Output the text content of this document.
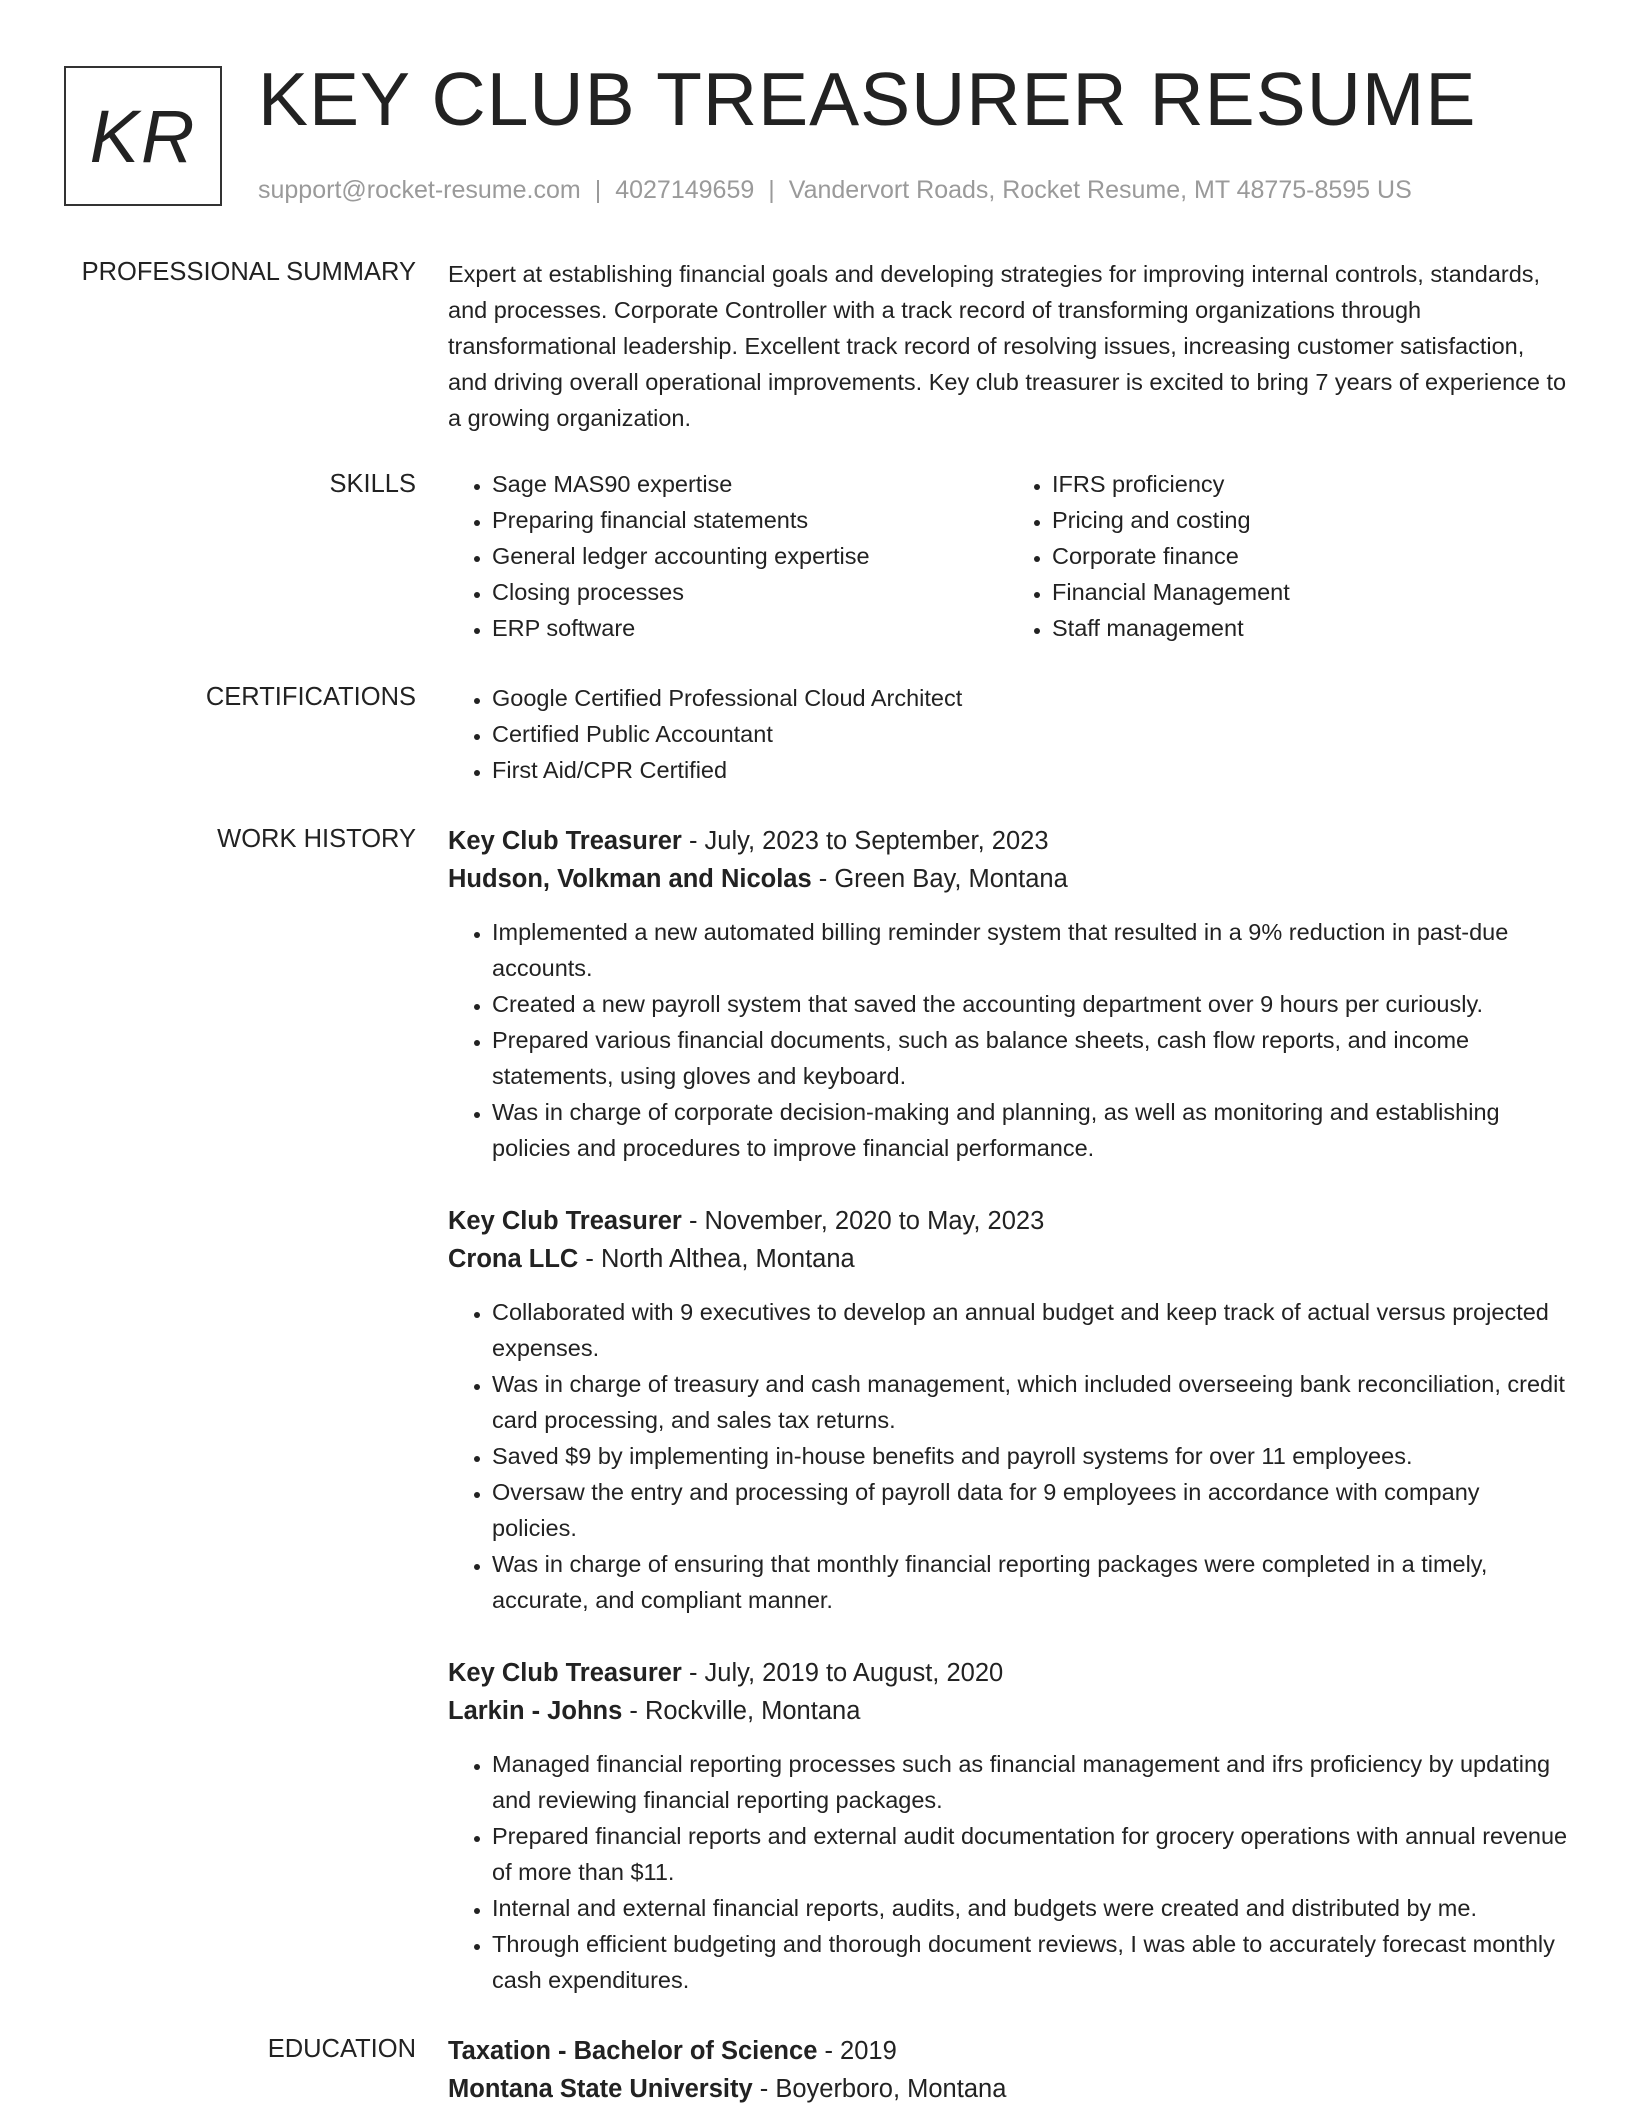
KR KEY CLUB TREASURER RESUME
support@rocket-resume.com | 4027149659 | Vandervort Roads, Rocket Resume, MT 48775-8595 US
PROFESSIONAL SUMMARY Expert at establishing financial goals and developing strategies for improving internal controls, standards, and processes. Corporate Controller with a track record of transforming organizations through transformational leadership. Excellent track record of resolving issues, increasing customer satisfaction, and driving overall operational improvements. Key club treasurer is excited to bring 7 years of experience to a growing organization.

SKILLS	• Sage MAS90 expertise
• Preparing financial statements
• General ledger accounting expertise
• Closing processes
• ERP software
• IFRS proficiency
• Pricing and costing
• Corporate finance
• Financial Management
• Staff management
CERTIFICATIONS	• Google Certified Professional Cloud Architect
• Certified Public Accountant
• First Aid/CPR Certified
WORK HISTORY Key Club Treasurer - July, 2023 to September, 2023
Hudson, Volkman and Nicolas - Green Bay, Montana
• Implemented a new automated billing reminder system that resulted in a 9% reduction in past-due accounts.
• Created a new payroll system that saved the accounting department over 9 hours per curiously.
• Prepared various financial documents, such as balance sheets, cash flow reports, and income statements, using gloves and keyboard.
• Was in charge of corporate decision-making and planning, as well as monitoring and establishing policies and procedures to improve financial performance.
Key Club Treasurer - November, 2020 to May, 2023
Crona LLC - North Althea, Montana
• Collaborated with 9 executives to develop an annual budget and keep track of actual versus projected expenses.
• Was in charge of treasury and cash management, which included overseeing bank reconciliation, credit card processing, and sales tax returns.
• Saved $9 by implementing in-house benefits and payroll systems for over 11 employees.
• Oversaw the entry and processing of payroll data for 9 employees in accordance with company policies.
• Was in charge of ensuring that monthly financial reporting packages were completed in a timely, accurate, and compliant manner.
Key Club Treasurer - July, 2019 to August, 2020
Larkin - Johns - Rockville, Montana
• Managed financial reporting processes such as financial management and ifrs proficiency by updating and reviewing financial reporting packages.
• Prepared financial reports and external audit documentation for grocery operations with annual revenue of more than $11.
• Internal and external financial reports, audits, and budgets were created and distributed by me.
• Through efficient budgeting and thorough document reviews, I was able to accurately forecast monthly cash expenditures.
EDUCATION Taxation - Bachelor of Science - 2019
Montana State University - Boyerboro, Montana
